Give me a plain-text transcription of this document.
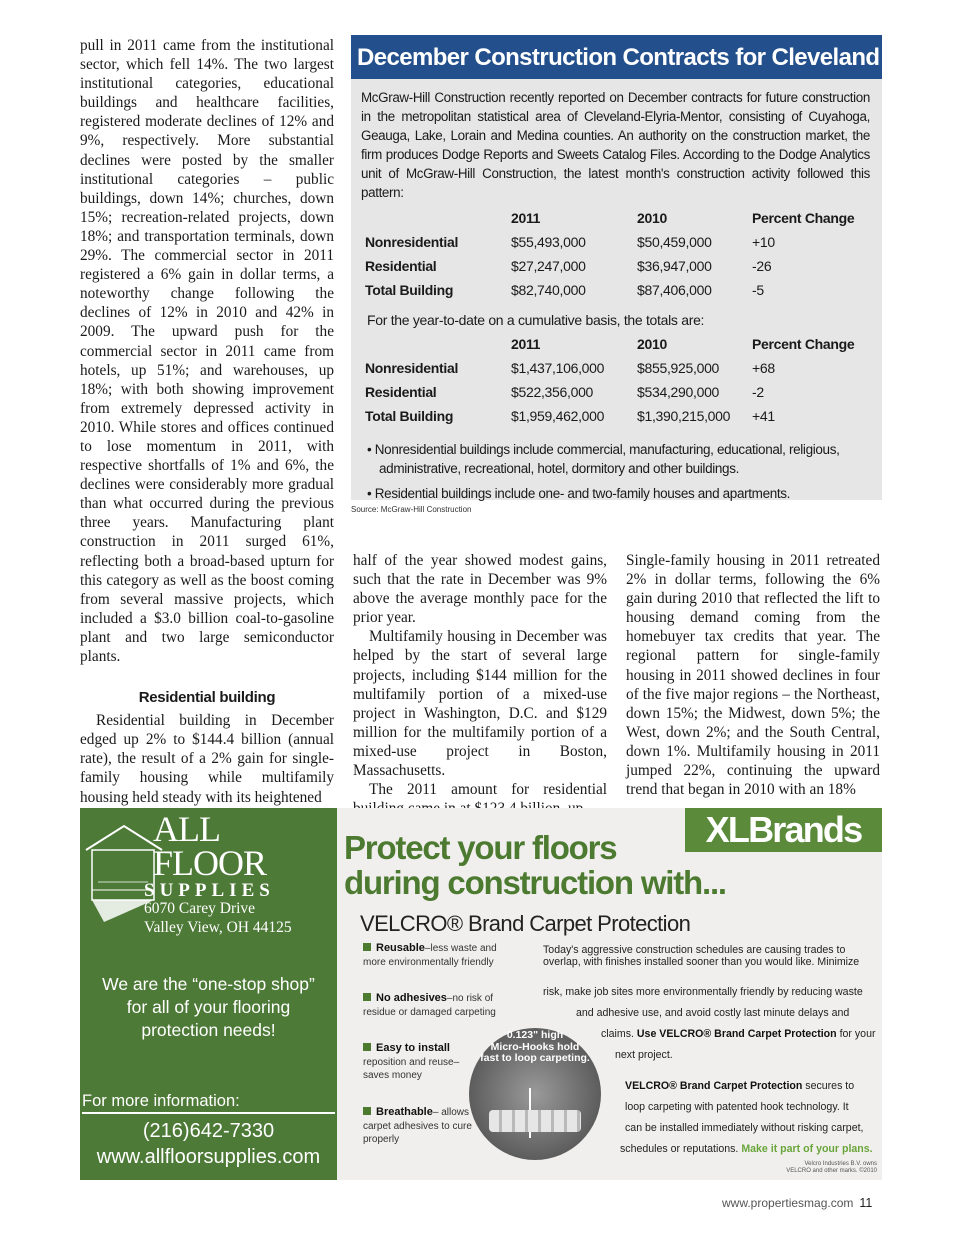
pull in 2011 came from the institutional sector, which fell 14%. The two largest institutional categories, educational buildings and healthcare facilities, registered moderate declines of 12% and 9%, respectively. More substantial declines were posted by the smaller institutional categories – public buildings, down 14%; churches, down 15%; recreation-related projects, down 18%; and transportation terminals, down 29%. The commercial sector in 2011 registered a 6% gain in dollar terms, a noteworthy change following the declines of 12% in 2010 and 42% in 2009. The upward push for the commercial sector in 2011 came from hotels, up 51%; and warehouses, up 18%; with both showing improvement from extremely depressed activity in 2010. While stores and offices continued to lose momentum in 2011, with respective shortfalls of 1% and 6%, the declines were considerably more gradual than what occurred during the previous three years. Manufacturing plant construction in 2011 surged 61%, reflecting both a broad-based upturn for this category as well as the boost coming from several massive projects, which included a $3.0 billion coal-to-gasoline plant and two large semiconductor plants.

Residential building

Residential building in December edged up 2% to $144.4 billion (annual rate), the result of a 2% gain for single-family housing while multifamily housing held steady with its heightened

December Construction Contracts for Cleveland Area
McGraw-Hill Construction recently reported on December contracts for future construction in the metropolitan statistical area of Cleveland-Elyria-Mentor, consisting of Cuyahoga, Geauga, Lake, Lorain and Medina counties. An authority on the construction market, the firm produces Dodge Reports and Sweets Catalog Files. According to the Dodge Analytics unit of McGraw-Hill Construction, the latest month's construction activity followed this pattern:
	2011	2010	Percent Change
Nonresidential	$55,493,000	$50,459,000	+10
Residential	$27,247,000	$36,947,000	-26
Total Building	$82,740,000	$87,406,000	-5
For the year-to-date on a cumulative basis, the totals are:
	2011	2010	Percent Change
Nonresidential	$1,437,106,000	$855,925,000	+68
Residential	$522,356,000	$534,290,000	-2
Total Building	$1,959,462,000	$1,390,215,000	+41
• Nonresidential buildings include commercial, manufacturing, educational, religious, administrative, recreational, hotel, dormitory and other buildings.
• Residential buildings include one- and two-family houses and apartments.
Source: McGraw-Hill Construction

half of the year showed modest gains, such that the rate in December was 9% above the average monthly pace for the prior year.

Multifamily housing in December was helped by the start of several large projects, including $144 million for the multifamily portion of a mixed-use project in Washington, D.C. and $129 million for the multifamily portion of a mixed-use project in Boston, Massachusetts.

The 2011 amount for residential

Single-family housing in 2011 retreated 2% in dollar terms, following the 6% gain during 2010 that reflected the lift to housing demand coming from the homebuyer tax credits that year. The regional pattern for single-family housing in 2011 showed declines in four of the five major regions – the Northeast, down 15%; the Midwest, down 5%; the West, down 2%; and the South Central, down 1%. Multifamily housing in 2011 jumped 22%, continuing the upward trend that began in 2010 with an 18%

ALL
FLOOR
SUPPLIES
6070 Carey Drive
Valley View, OH 44125
We are the “one-stop shop”
for all of your flooring
protection needs!
For more information:
(216)642-7330
www.allfloorsupplies.com
XLBrands
Protect your floors
during construction with...
VELCRO® Brand Carpet Protection
Reusable–less waste and more environmentally friendly
No adhesives–no risk of residue or damaged carpeting
Easy to install reposition and reuse– saves money
Breathable– allows carpet adhesives to cure properly
Today's aggressive construction schedules are causing trades to
overlap, with finishes installed sooner than you would like. Minimize
risk, make job sites more environmentally friendly by reducing waste
and adhesive use, and avoid costly last minute delays and
claims. Use VELCRO® Brand Carpet Protection for your
next project.
VELCRO® Brand Carpet Protection secures to
loop carpeting with patented hook technology. It
can be installed immediately without risking carpet,
schedules or reputations. Make it part of your plans.
0.123" high
Micro-Hooks hold
fast to loop carpeting.
Velcro Industries B.V. owns
VELCRO and other marks. ©2010
www.propertiesmag.com 11
